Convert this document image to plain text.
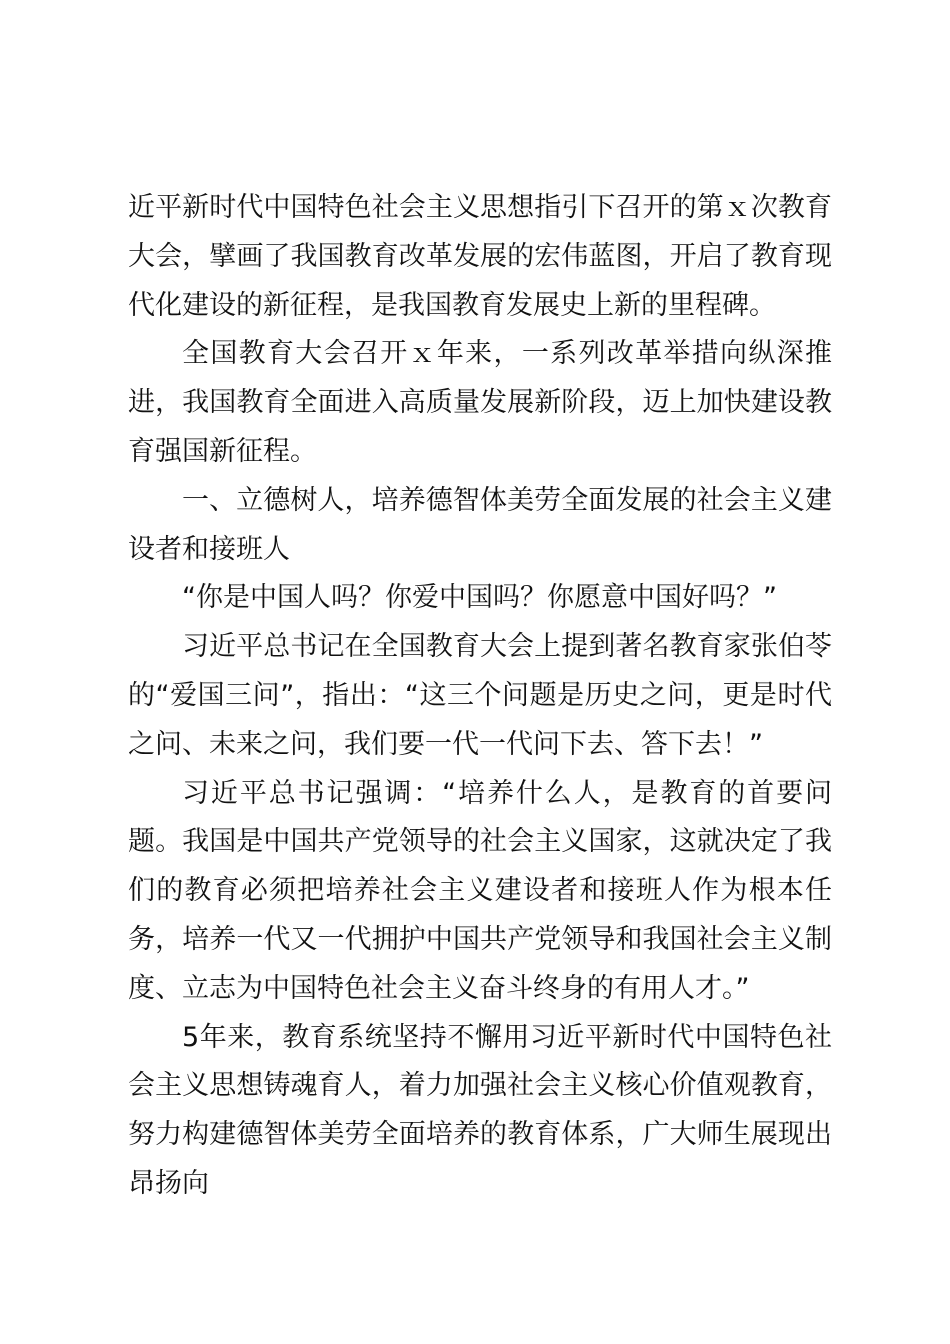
近平新时代中国特色社会主义思想指引下召开的第ｘ次教育大会，擘画了我国教育改革发展的宏伟蓝图，开启了教育现代化建设的新征程，是我国教育发展史上新的里程碑。

全国教育大会召开ｘ年来，一系列改革举措向纵深推进，我国教育全面进入高质量发展新阶段，迈上加快建设教育强国新征程。

一、立德树人，培养德智体美劳全面发展的社会主义建设者和接班人

“你是中国人吗？你爱中国吗？你愿意中国好吗？”

习近平总书记在全国教育大会上提到著名教育家张伯苓的“爱国三问”，指出：“这三个问题是历史之问，更是时代之问、未来之问，我们要一代一代问下去、答下去！”

习近平总书记强调：“培养什么人，是教育的首要问题。我国是中国共产党领导的社会主义国家，这就决定了我们的教育必须把培养社会主义建设者和接班人作为根本任务，培养一代又一代拥护中国共产党领导和我国社会主义制度、立志为中国特色社会主义奋斗终身的有用人才。”

5年来，教育系统坚持不懈用习近平新时代中国特色社会主义思想铸魂育人，着力加强社会主义核心价值观教育，努力构建德智体美劳全面培养的教育体系，广大师生展现出昂扬向
